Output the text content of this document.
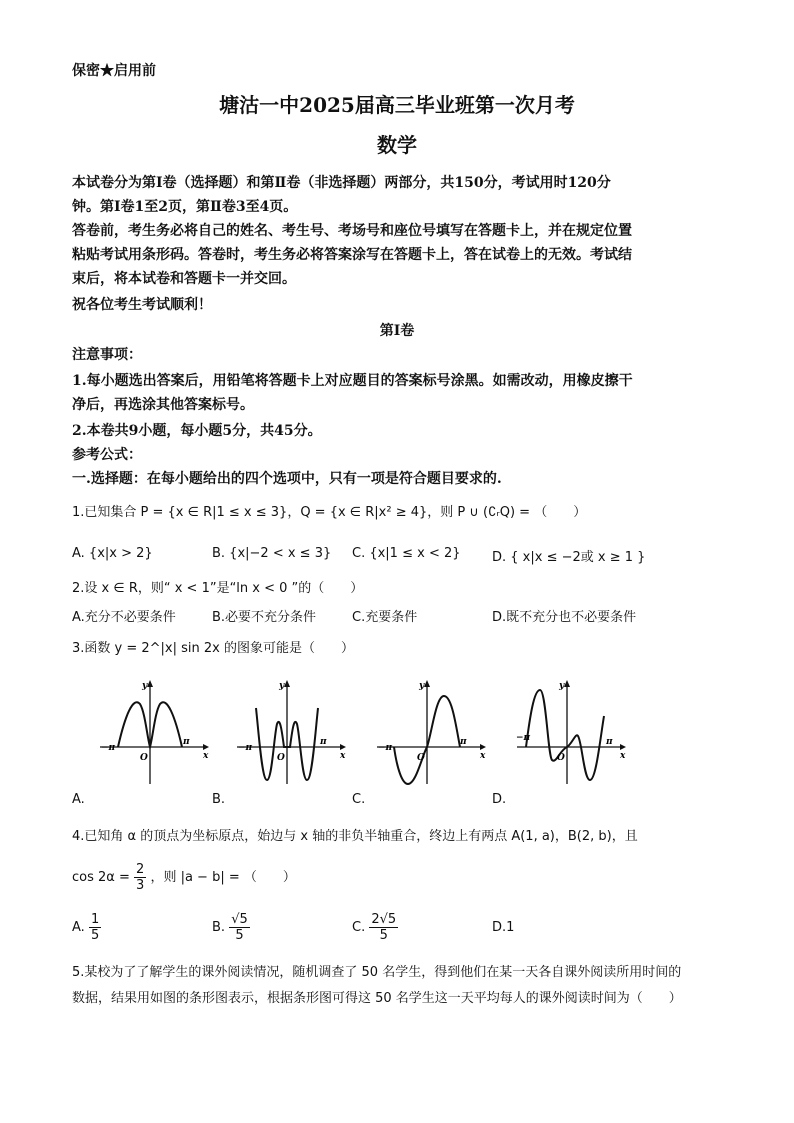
保密★启用前
塘沽一中2025届高三毕业班第一次月考
数学
本试卷分为第Ⅰ卷（选择题）和第Ⅱ卷（非选择题）两部分，共150分，考试用时120分
钟。第Ⅰ卷1至2页，第Ⅱ卷3至4页。
答卷前，考生务必将自己的姓名、考生号、考场号和座位号填写在答题卡上，并在规定位置
粘贴考试用条形码。答卷时，考生务必将答案涂写在答题卡上，答在试卷上的无效。考试结
束后，将本试卷和答题卡一并交回。
祝各位考生考试顺利！
第Ⅰ卷
注意事项：
1.每小题选出答案后，用铅笔将答题卡上对应题目的答案标号涂黑。如需改动，用橡皮擦干
净后，再选涂其他答案标号。
2.本卷共9小题，每小题5分，共45分。
参考公式：
一.选择题：在每小题给出的四个选项中，只有一项是符合题目要求的.
1.已知集合 P = {x ∈ R|1 ≤ x ≤ 3}，Q = {x ∈ R|x² ≥ 4}，则 P ∪ (∁ᵣQ) = （　　）
A. {x|x > 2}	B. {x|−2 < x ≤ 3} C. {x|1 ≤ x < 2} D. { x|x ≤ −2或 x ≥ 1 }
2.设 x ∈ R，则“ x < 1”是“ln x < 0 ”的（　　）
A.充分不必要条件	B.必要不充分条件	C.充要条件	D.既不充分也不必要条件
3.函数 y = 2^|x| sin 2x 的图象可能是（　　）
y
x
O
−π
π
A.
y
x
O
−π
π
B.
y
x
O
−π
π
C.
y
x
O
−π	π
D.
4.已知角 α 的顶点为坐标原点，始边与 x 轴的非负半轴重合，终边上有两点 A(1, a)，B(2, b)，且
$\cos 2\alpha = \frac{2}{3}$ ，则 |a − b| = （　　）
A. $\frac{1}{5}$	B. $\frac{√5}{5}$	C. $\frac{2√5}{5}$	D.1
5.某校为了了解学生的课外阅读情况，随机调查了 50 名学生，得到他们在某一天各自课外阅读所用时间的
数据，结果用如图的条形图表示，根据条形图可得这 50 名学生这一天平均每人的课外阅读时间为（　　）
